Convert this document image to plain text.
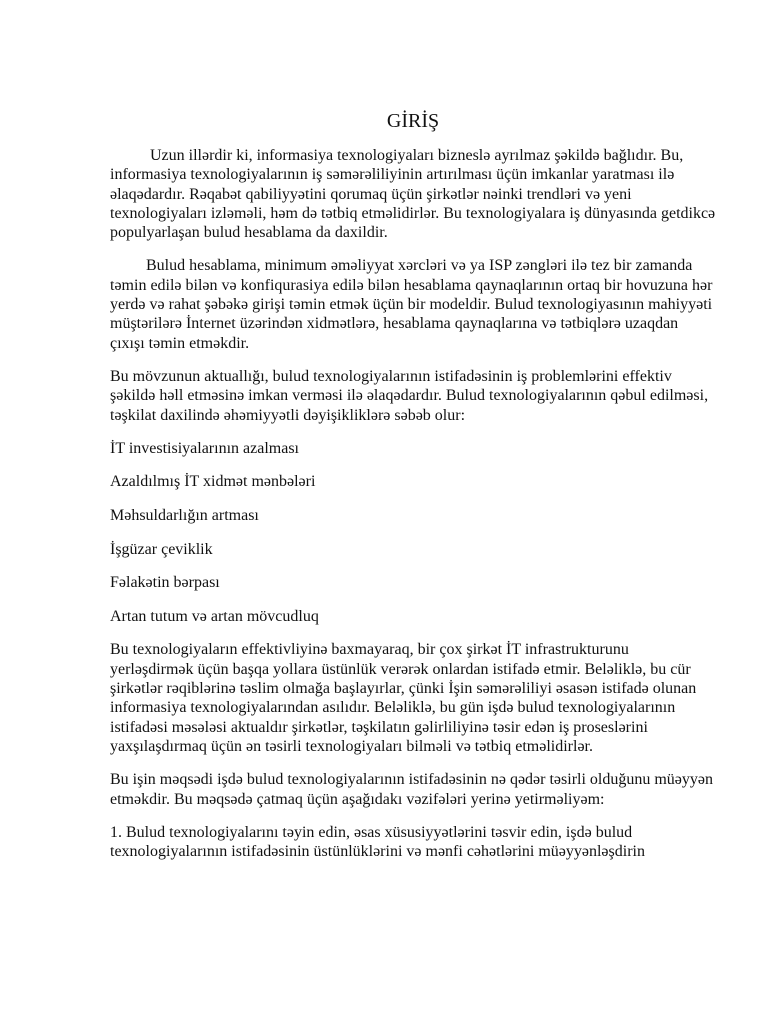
GİRİŞ

Uzun illərdir ki, informasiya texnologiyaları bizneslə ayrılmaz şəkildə bağlıdır. Bu, informasiya texnologiyalarının iş səmərəliliyinin artırılması üçün imkanlar yaratması ilə əlaqədardır. Rəqabət qabiliyyətini qorumaq üçün şirkətlər nəinki trendləri və yeni texnologiyaları izləməli, həm də tətbiq etməlidirlər. Bu texnologiyalara iş dünyasında getdikcə populyarlaşan bulud hesablama da daxildir.

Bulud hesablama, minimum əməliyyat xərcləri və ya ISP zəngləri ilə tez bir zamanda təmin edilə bilən və konfiqurasiya edilə bilən hesablama qaynaqlarının ortaq bir hovuzuna hər yerdə və rahat şəbəkə girişi təmin etmək üçün bir modeldir. Bulud texnologiyasının mahiyyəti müştərilərə İnternet üzərindən xidmətlərə, hesablama qaynaqlarına və tətbiqlərə uzaqdan çıxışı təmin etməkdir.

Bu mövzunun aktuallığı, bulud texnologiyalarının istifadəsinin iş problemlərini effektiv şəkildə həll etməsinə imkan verməsi ilə əlaqədardır. Bulud texnologiyalarının qəbul edilməsi, təşkilat daxilində əhəmiyyətli dəyişikliklərə səbəb olur:

İT investisiyalarının azalması
Azaldılmış İT xidmət mənbələri
Məhsuldarlığın artması
İşgüzar çeviklik
Fəlakətin bərpası
Artan tutum və artan mövcudluq

Bu texnologiyaların effektivliyinə baxmayaraq, bir çox şirkət İT infrastrukturunu yerləşdirmək üçün başqa yollara üstünlük verərək onlardan istifadə etmir. Beləliklə, bu cür şirkətlər rəqiblərinə təslim olmağa başlayırlar, çünki İşin səmərəliliyi əsasən istifadə olunan informasiya texnologiyalarından asılıdır. Beləliklə, bu gün işdə bulud texnologiyalarının istifadəsi məsələsi aktualdır şirkətlər, təşkilatın gəlirliliyinə təsir edən iş proseslərini yaxşılaşdırmaq üçün ən təsirli texnologiyaları bilməli və tətbiq etməlidirlər.

Bu işin məqsədi işdə bulud texnologiyalarının istifadəsinin nə qədər təsirli olduğunu müəyyən etməkdir. Bu məqsədə çatmaq üçün aşağıdakı vəzifələri yerinə yetirməliyəm:

1. Bulud texnologiyalarını təyin edin, əsas xüsusiyyətlərini təsvir edin, işdə bulud texnologiyalarının istifadəsinin üstünlüklərini və mənfi cəhətlərini müəyyənləşdirin
